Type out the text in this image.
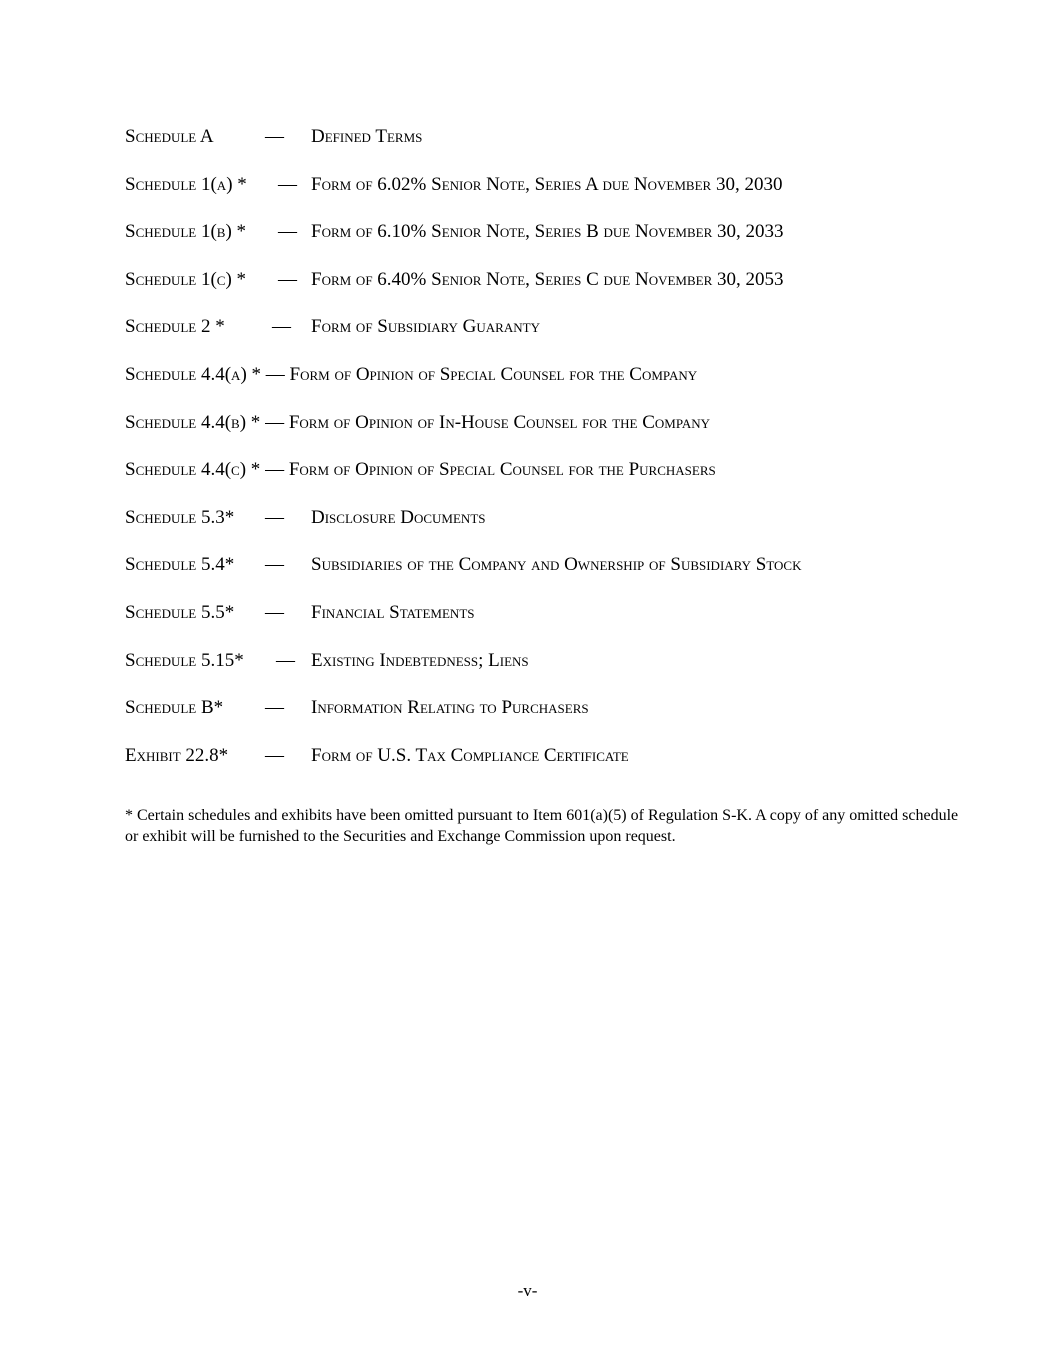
Schedule A	— Defined Terms
Schedule 1(a) * — Form of 6.02% Senior Note, Series A due November 30, 2030
Schedule 1(b) * — Form of 6.10% Senior Note, Series B due November 30, 2033
Schedule 1(c) * — Form of 6.40% Senior Note, Series C due November 30, 2053
Schedule 2 * — Form of Subsidiary Guaranty
Schedule 4.4(a) * — Form of Opinion of Special Counsel for the Company
Schedule 4.4(b) * — Form of Opinion of In-House Counsel for the Company
Schedule 4.4(c) * — Form of Opinion of Special Counsel for the Purchasers
Schedule 5.3* — Disclosure Documents
Schedule 5.4* — Subsidiaries of the Company and Ownership of Subsidiary Stock
Schedule 5.5* — Financial Statements
Schedule 5.15* — Existing Indebtedness; Liens
Schedule B* — Information Relating to Purchasers
Exhibit 22.8* — Form of U.S. Tax Compliance Certificate
* Certain schedules and exhibits have been omitted pursuant to Item 601(a)(5) of Regulation S-K. A copy of any omitted schedule or exhibit will be furnished to the Securities and Exchange Commission upon request.
-v-
